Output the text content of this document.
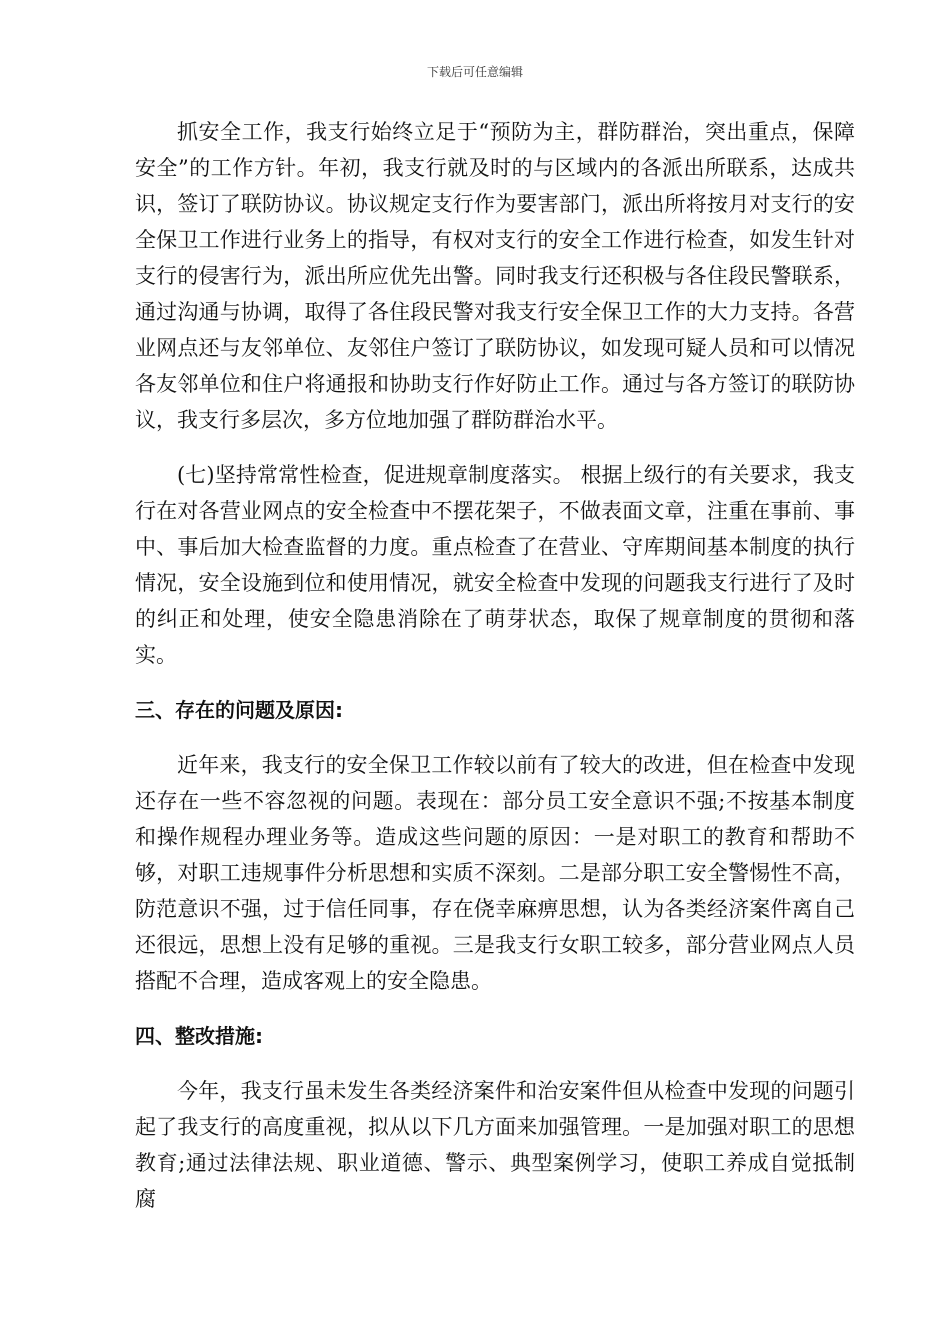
下载后可任意编辑

抓安全工作，我支行始终立足于“预防为主，群防群治，突出重点，保障安全”的工作方针。年初，我支行就及时的与区域内的各派出所联系，达成共识，签订了联防协议。协议规定支行作为要害部门，派出所将按月对支行的安全保卫工作进行业务上的指导，有权对支行的安全工作进行检查，如发生针对支行的侵害行为，派出所应优先出警。同时我支行还积极与各住段民警联系，通过沟通与协调，取得了各住段民警对我支行安全保卫工作的大力支持。各营业网点还与友邻单位、友邻住户签订了联防协议，如发现可疑人员和可以情况各友邻单位和住户将通报和协助支行作好防止工作。通过与各方签订的联防协议，我支行多层次，多方位地加强了群防群治水平。

(七)坚持常常性检查，促进规章制度落实。 根据上级行的有关要求，我支行在对各营业网点的安全检查中不摆花架子，不做表面文章，注重在事前、事中、事后加大检查监督的力度。重点检查了在营业、守库期间基本制度的执行情况，安全设施到位和使用情况，就安全检查中发现的问题我支行进行了及时的纠正和处理，使安全隐患消除在了萌芽状态，取保了规章制度的贯彻和落实。

三、存在的问题及原因:

近年来，我支行的安全保卫工作较以前有了较大的改进，但在检查中发现还存在一些不容忽视的问题。表现在：部分员工安全意识不强;不按基本制度和操作规程办理业务等。造成这些问题的原因：一是对职工的教育和帮助不够，对职工违规事件分析思想和实质不深刻。二是部分职工安全警惕性不高，防范意识不强，过于信任同事，存在侥幸麻痹思想，认为各类经济案件离自己还很远，思想上没有足够的重视。三是我支行女职工较多，部分营业网点人员搭配不合理，造成客观上的安全隐患。

四、整改措施:

今年，我支行虽未发生各类经济案件和治安案件但从检查中发现的问题引起了我支行的高度重视，拟从以下几方面来加强管理。一是加强对职工的思想教育;通过法律法规、职业道德、警示、典型案例学习，使职工养成自觉抵制腐
